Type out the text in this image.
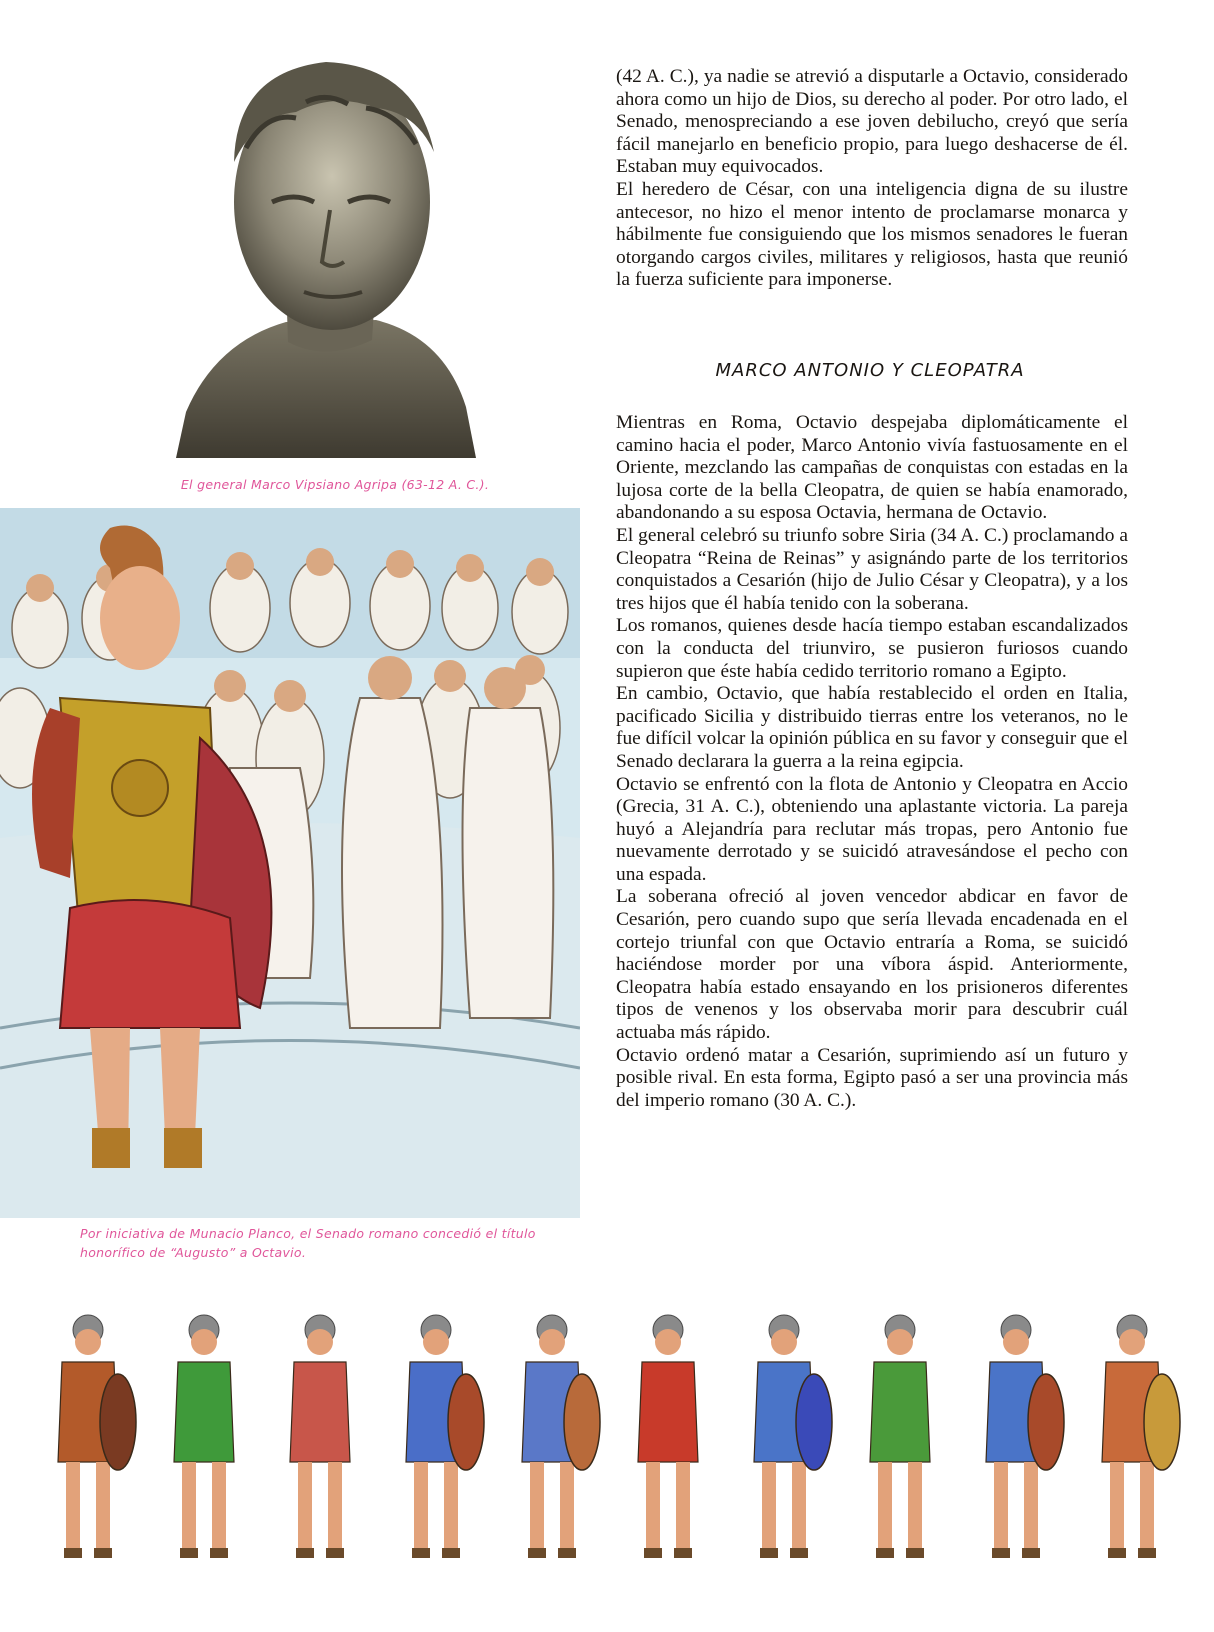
El general Marco Vipsiano Agripa (63-12 A. C.).
Por iniciativa de Munacio Planco, el Senado romano concedió el título honorífico de “Augusto” a Octavio.

(42 A. C.), ya nadie se atrevió a disputarle a Octavio, considerado ahora como un hijo de Dios, su derecho al poder. Por otro lado, el Senado, menospreciando a ese joven debilucho, creyó que sería fácil manejarlo en beneficio propio, para luego deshacerse de él. Estaban muy equivocados.

El heredero de César, con una inteligencia digna de su ilustre antecesor, no hizo el menor intento de proclamarse monarca y hábilmente fue consiguiendo que los mismos senadores le fueran otorgando cargos civiles, militares y religiosos, hasta que reunió la fuerza suficiente para imponerse.

MARCO ANTONIO Y CLEOPATRA

Mientras en Roma, Octavio despejaba diplomáticamente el camino hacia el poder, Marco Antonio vivía fastuosamente en el Oriente, mezclando las campañas de conquistas con estadas en la lujosa corte de la bella Cleopatra, de quien se había enamorado, abandonando a su esposa Octavia, hermana de Octavio.

El general celebró su triunfo sobre Siria (34 A. C.) proclamando a Cleopatra “Reina de Reinas” y asignándo parte de los territorios conquistados a Cesarión (hijo de Julio César y Cleopatra), y a los tres hijos que él había tenido con la soberana.

Los romanos, quienes desde hacía tiempo estaban escandalizados con la conducta del triunviro, se pusieron furiosos cuando supieron que éste había cedido territorio romano a Egipto.

En cambio, Octavio, que había restablecido el orden en Italia, pacificado Sicilia y distribuido tierras entre los veteranos, no le fue difícil volcar la opinión pública en su favor y conseguir que el Senado declarara la guerra a la reina egipcia.

Octavio se enfrentó con la flota de Antonio y Cleopatra en Accio (Grecia, 31 A. C.), obteniendo una aplastante victoria. La pareja huyó a Alejandría para reclutar más tropas, pero Antonio fue nuevamente derrotado y se suicidó atravesándose el pecho con una espada.

La soberana ofreció al joven vencedor abdicar en favor de Cesarión, pero cuando supo que sería llevada encadenada en el cortejo triunfal con que Octavio entraría a Roma, se suicidó haciéndose morder por una víbora áspid. Anteriormente, Cleopatra había estado ensayando en los prisioneros diferentes tipos de venenos y los observaba morir para descubrir cuál actuaba más rápido.

Octavio ordenó matar a Cesarión, suprimiendo así un futuro y posible rival. En esta forma, Egipto pasó a ser una provincia más del imperio romano (30 A. C.).
